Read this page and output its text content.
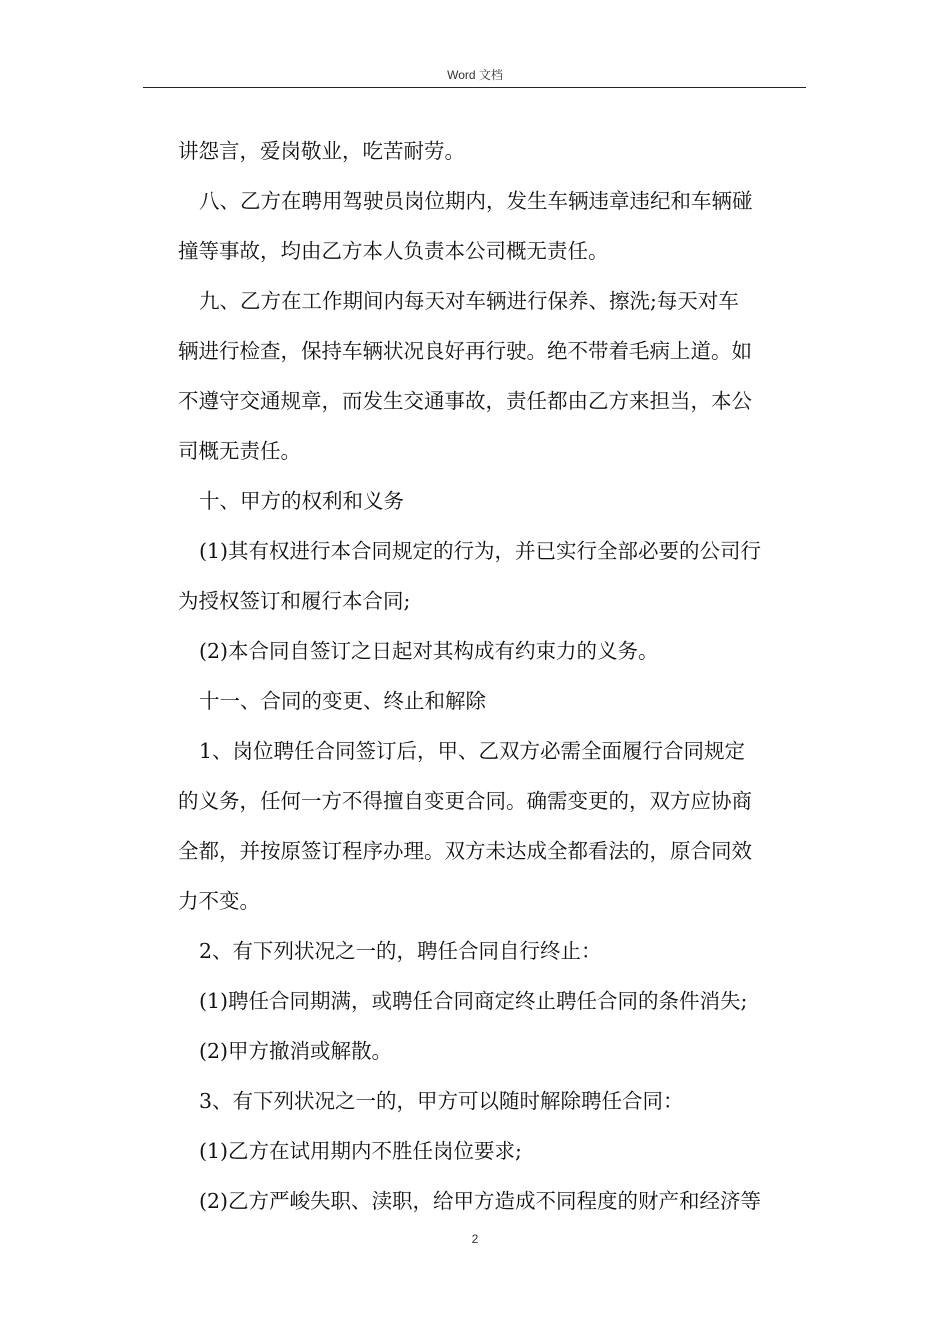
Word 文档
讲怨言，爱岗敬业，吃苦耐劳。
八、乙方在聘用驾驶员岗位期内，发生车辆违章违纪和车辆碰
撞等事故，均由乙方本人负责本公司概无责任。
九、乙方在工作期间内每天对车辆进行保养、擦洗;每天对车
辆进行检查，保持车辆状况良好再行驶。绝不带着毛病上道。如
不遵守交通规章，而发生交通事故，责任都由乙方来担当，本公
司概无责任。
十、甲方的权利和义务
(1)其有权进行本合同规定的行为，并已实行全部必要的公司行
为授权签订和履行本合同;
(2)本合同自签订之日起对其构成有约束力的义务。
十一、合同的变更、终止和解除
1、岗位聘任合同签订后，甲、乙双方必需全面履行合同规定
的义务，任何一方不得擅自变更合同。确需变更的，双方应协商
全都，并按原签订程序办理。双方未达成全都看法的，原合同效
力不变。
2、有下列状况之一的，聘任合同自行终止：
(1)聘任合同期满，或聘任合同商定终止聘任合同的条件消失;
(2)甲方撤消或解散。
3、有下列状况之一的，甲方可以随时解除聘任合同：
(1)乙方在试用期内不胜任岗位要求;
(2)乙方严峻失职、渎职，给甲方造成不同程度的财产和经济等
2
